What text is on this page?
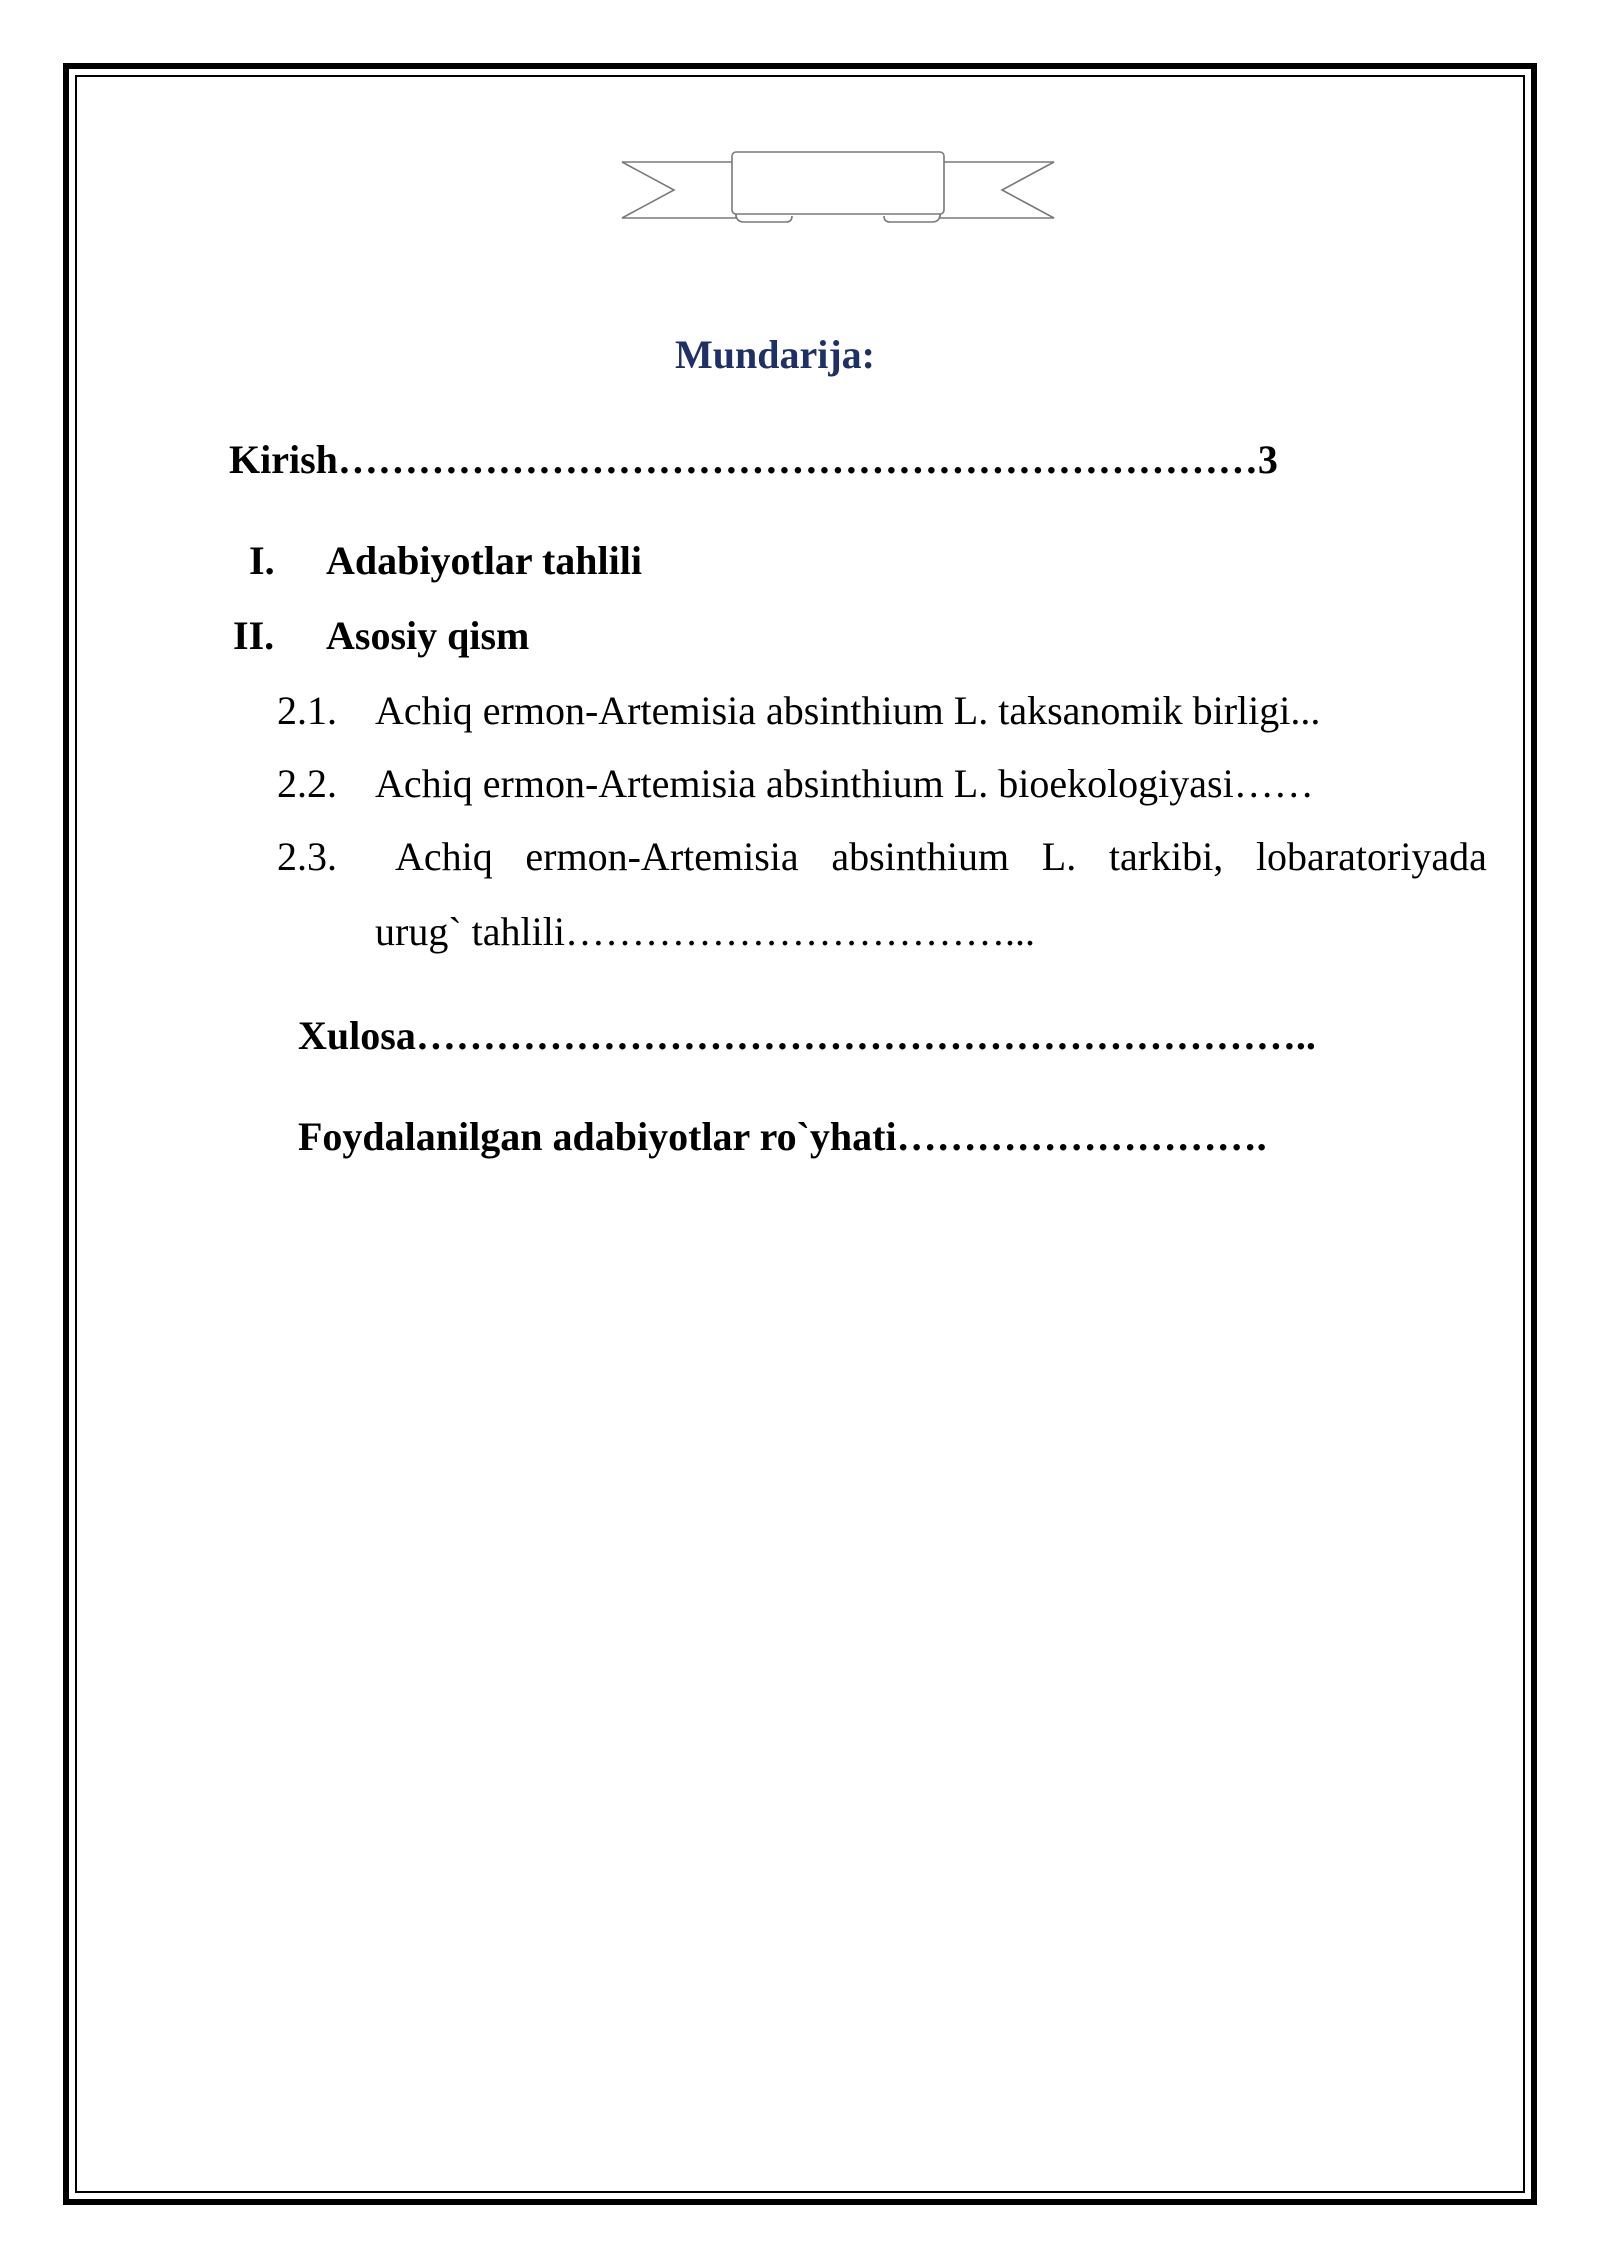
Mundarija:
Kirish……………………………………………………………3
I. Adabiyotlar tahlili
II. Asosiy qism
2.1. Achiq ermon-Artemisia absinthium L. taksanomik birligi...
2.2. Achiq ermon-Artemisia absinthium L. bioekologiyasi……
2.3. Achiq ermon-Artemisia absinthium L. tarkibi, lobaratoriyada
urug` tahlili……………………………...
Xulosa…………………………………………………………..
Foydalanilgan adabiyotlar ro`yhati……………………….
